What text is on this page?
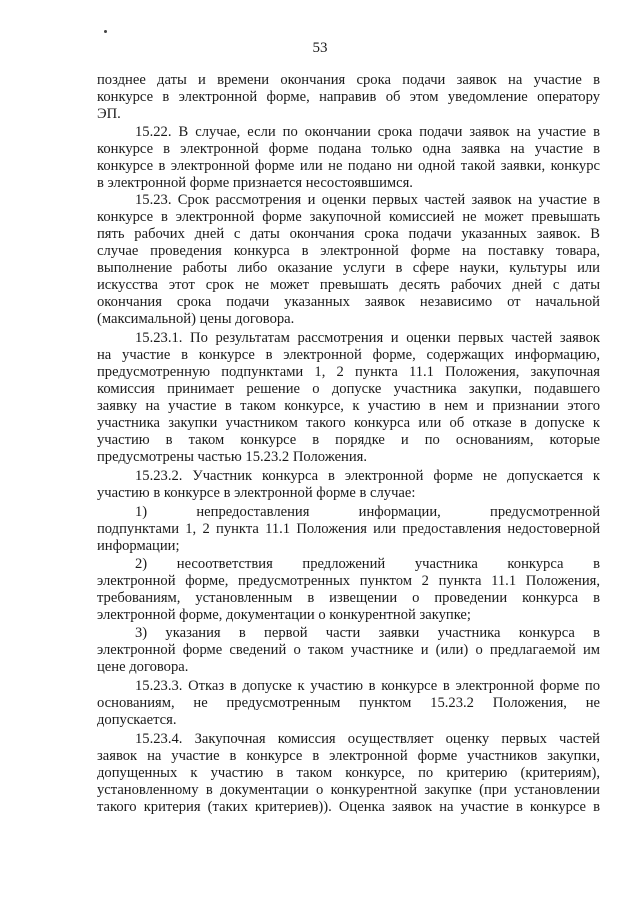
53
позднее даты и времени окончания срока подачи заявок на участие в
конкурсе в электронной форме, направив об этом уведомление оператору
ЭП.
15.22. В случае, если по окончании срока подачи заявок на участие в
конкурсе в электронной форме подана только одна заявка на участие в
конкурсе в электронной форме или не подано ни одной такой заявки, конкурс
в электронной форме признается несостоявшимся.
15.23. Срок рассмотрения и оценки первых частей заявок на участие в
конкурсе в электронной форме закупочной комиссией не может превышать
пять рабочих дней с даты окончания срока подачи указанных заявок. В
случае проведения конкурса в электронной форме на поставку товара,
выполнение работы либо оказание услуги в сфере науки, культуры или
искусства этот срок не может превышать десять рабочих дней с даты
окончания срока подачи указанных заявок независимо от начальной
(максимальной) цены договора.
15.23.1. По результатам рассмотрения и оценки первых частей заявок
на участие в конкурсе в электронной форме, содержащих информацию,
предусмотренную подпунктами 1, 2 пункта 11.1 Положения, закупочная
комиссия принимает решение о допуске участника закупки, подавшего
заявку на участие в таком конкурсе, к участию в нем и признании этого
участника закупки участником такого конкурса или об отказе в допуске к
участию в таком конкурсе в порядке и по основаниям, которые
предусмотрены частью 15.23.2 Положения.
15.23.2. Участник конкурса в электронной форме не допускается к
участию в конкурсе в электронной форме в случае:
1) непредоставления информации, предусмотренной
подпунктами 1, 2 пункта 11.1 Положения или предоставления недостоверной
информации;
2) несоответствия предложений участника конкурса в
электронной форме, предусмотренных пунктом 2 пункта 11.1 Положения,
требованиям, установленным в извещении о проведении конкурса в
электронной форме, документации о конкурентной закупке;
3) указания в первой части заявки участника конкурса в
электронной форме сведений о таком участнике и (или) о предлагаемой им
цене договора.
15.23.3. Отказ в допуске к участию в конкурсе в электронной форме по
основаниям, не предусмотренным пунктом 15.23.2 Положения, не
допускается.
15.23.4. Закупочная комиссия осуществляет оценку первых частей
заявок на участие в конкурсе в электронной форме участников закупки,
допущенных к участию в таком конкурсе, по критерию (критериям),
установленному в документации о конкурентной закупке (при установлении
такого критерия (таких критериев)). Оценка заявок на участие в конкурсе в
